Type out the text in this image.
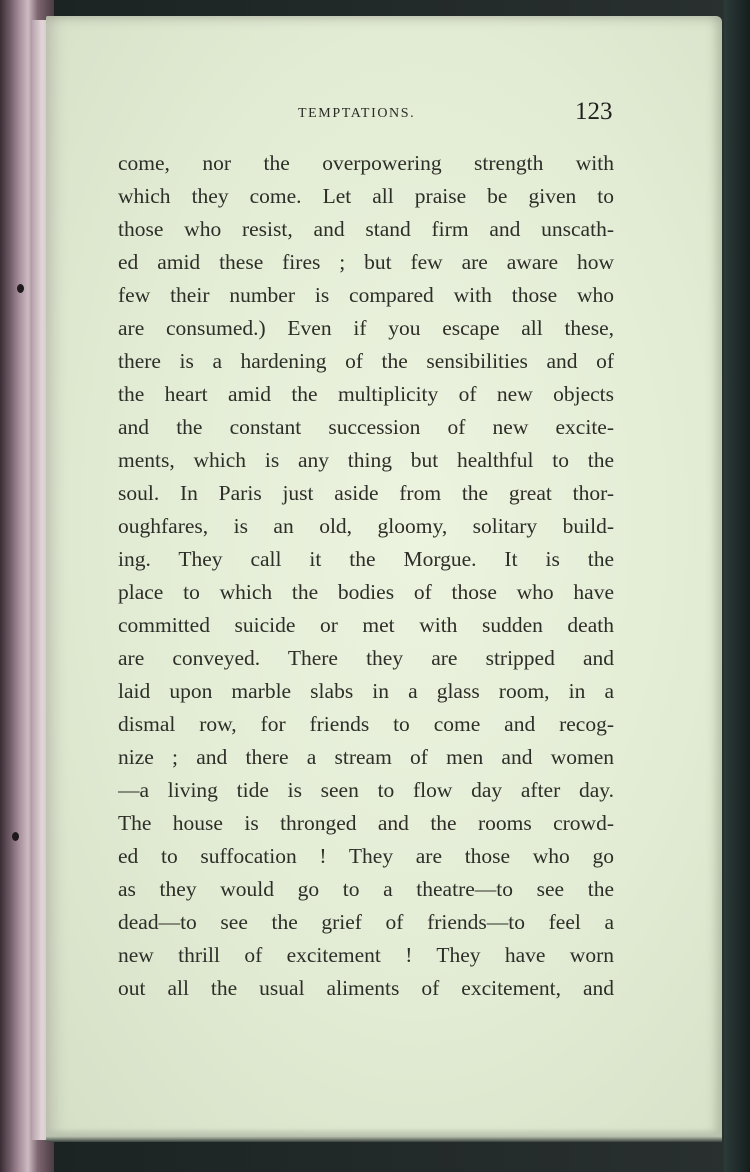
TEMPTATIONS.	123
come, nor the overpowering strength with
which they come. Let all praise be given to
those who resist, and stand firm and unscath-
ed amid these fires ; but few are aware how
few their number is compared with those who
are consumed.) Even if you escape all these,
there is a hardening of the sensibilities and of
the heart amid the multiplicity of new objects
and the constant succession of new excite-
ments, which is any thing but healthful to the
soul. In Paris just aside from the great thor-
oughfares, is an old, gloomy, solitary build-
ing. They call it the Morgue. It is the
place to which the bodies of those who have
committed suicide or met with sudden death
are conveyed. There they are stripped and
laid upon marble slabs in a glass room, in a
dismal row, for friends to come and recog-
nize ; and there a stream of men and women
—a living tide is seen to flow day after day.
The house is thronged and the rooms crowd-
ed to suffocation ! They are those who go
as they would go to a theatre—to see the
dead—to see the grief of friends—to feel a
new thrill of excitement ! They have worn
out all the usual aliments of excitement, and
